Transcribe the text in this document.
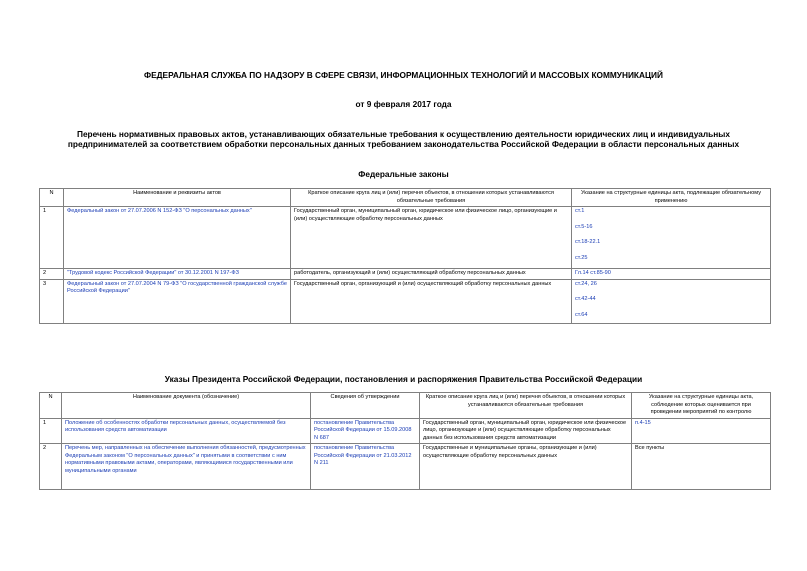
ФЕДЕРАЛЬНАЯ СЛУЖБА ПО НАДЗОРУ В СФЕРЕ СВЯЗИ, ИНФОРМАЦИОННЫХ ТЕХНОЛОГИЙ И МАССОВЫХ КОММУНИКАЦИЙ
от 9 февраля 2017 года
Перечень нормативных правовых актов, устанавливающих обязательные требования к осуществлению деятельности юридических лиц и индивидуальных
предпринимателей за соответствием обработки персональных данных требованием законодательства Российской Федерации в области персональных данных
Федеральные законы
N	Наименование и реквизиты актов	Краткое описание круга лиц и (или) перечня объектов, в отношении которых устанавливаются обязательные требования	Указание на структурные единицы акта, подлежащие обязательному применению
1	Федеральный закон от 27.07.2006 N 152-ФЗ "О персональных данных"	Государственный орган, муниципальный орган, юридическое или физическое лицо, организующие и (или) осуществляющие обработку персональных данных	ст.1
ст.5-16
ст.18-22.1
ст.25

2	"Трудовой кодекс Российской Федерации" от 30.12.2001 N 197-ФЗ	работодатель, организующий и (или) осуществляющий обработку персональных данных	Гл.14 ст.85-90

3	Федеральный закон от 27.07.2004 N 79-ФЗ "О государственной гражданской службе Российской Федерации"	Государственный орган, организующий и (или) осуществляющий обработку персональных данных	ст.24, 26
ст.42-44
ст.64
Указы Президента Российской Федерации, постановления и распоряжения Правительства Российской Федерации
N	Наименование документа (обозначение)	Сведения об утверждении	Краткое описание круга лиц и (или) перечня объектов, в отношении которых устанавливаются обязательные требования	Указание на структурные единицы акта, соблюдение которых оценивается при проведении мероприятий по контролю
1	Положение об особенностях обработки персональных данных, осуществляемой без использования средств автоматизации	постановление Правительства Российской Федерации от 15.09.2008 N 687	Государственный орган, муниципальный орган, юридическое или физическое лицо, организующие и (или) осуществляющие обработку персональных данных без использования средств автоматизации	п.4-15
2	Перечень мер, направленных на обеспечение выполнения обязанностей, предусмотренных Федеральным законом "О персональных данных" и принятыми в соответствии с ним нормативными правовыми актами, операторами, являющимися государственными или муниципальными органами	постановление Правительства Российской Федерации от 21.03.2012 N 211	Государственные и муниципальные органы, организующие и (или) осуществляющие обработку персональных данных	Все пункты
